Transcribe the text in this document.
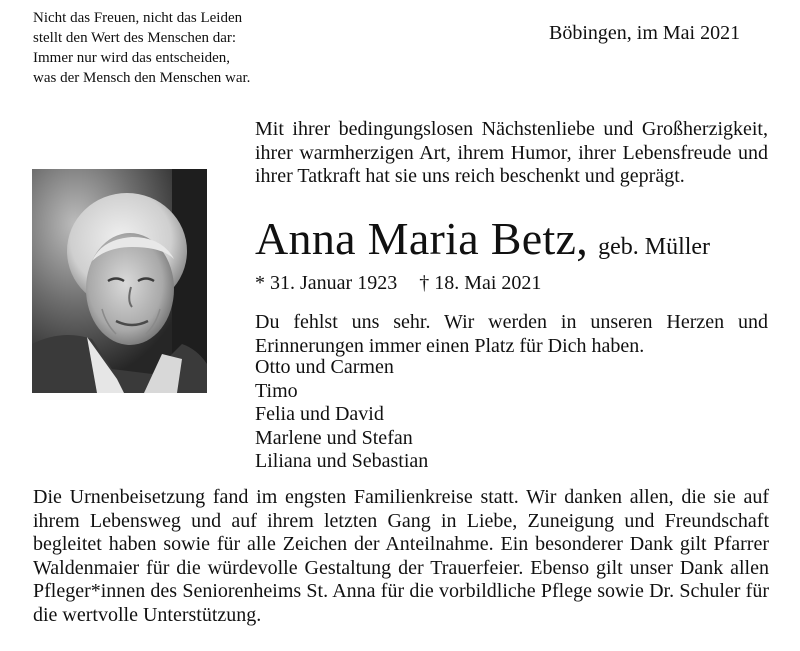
Nicht das Freuen, nicht das Leiden
stellt den Wert des Menschen dar:
Immer nur wird das entscheiden,
was der Mensch den Menschen war.
Böbingen, im Mai 2021
Mit ihrer bedingungslosen Nächstenliebe und Großherzigkeit, ihrer warmherzigen Art, ihrem Humor, ihrer Lebensfreude und ihrer Tatkraft hat sie uns reich beschenkt und geprägt.
Anna Maria Betz, geb. Müller
* 31. Januar 1923 † 18. Mai 2021
Du fehlst uns sehr. Wir werden in unseren Herzen und Erinnerungen immer einen Platz für Dich haben.
Otto und Carmen
Timo
Felia und David
Marlene und Stefan
Liliana und Sebastian
Die Urnenbeisetzung fand im engsten Familienkreise statt. Wir danken allen, die sie auf ihrem Lebensweg und auf ihrem letzten Gang in Liebe, Zuneigung und Freundschaft begleitet haben sowie für alle Zeichen der Anteilnahme. Ein besonderer Dank gilt Pfarrer Waldenmaier für die würdevolle Gestaltung der Trauerfeier. Ebenso gilt unser Dank allen Pfleger*innen des Seniorenheims St. Anna für die vorbildliche Pflege sowie Dr. Schuler für die wertvolle Unterstützung.
